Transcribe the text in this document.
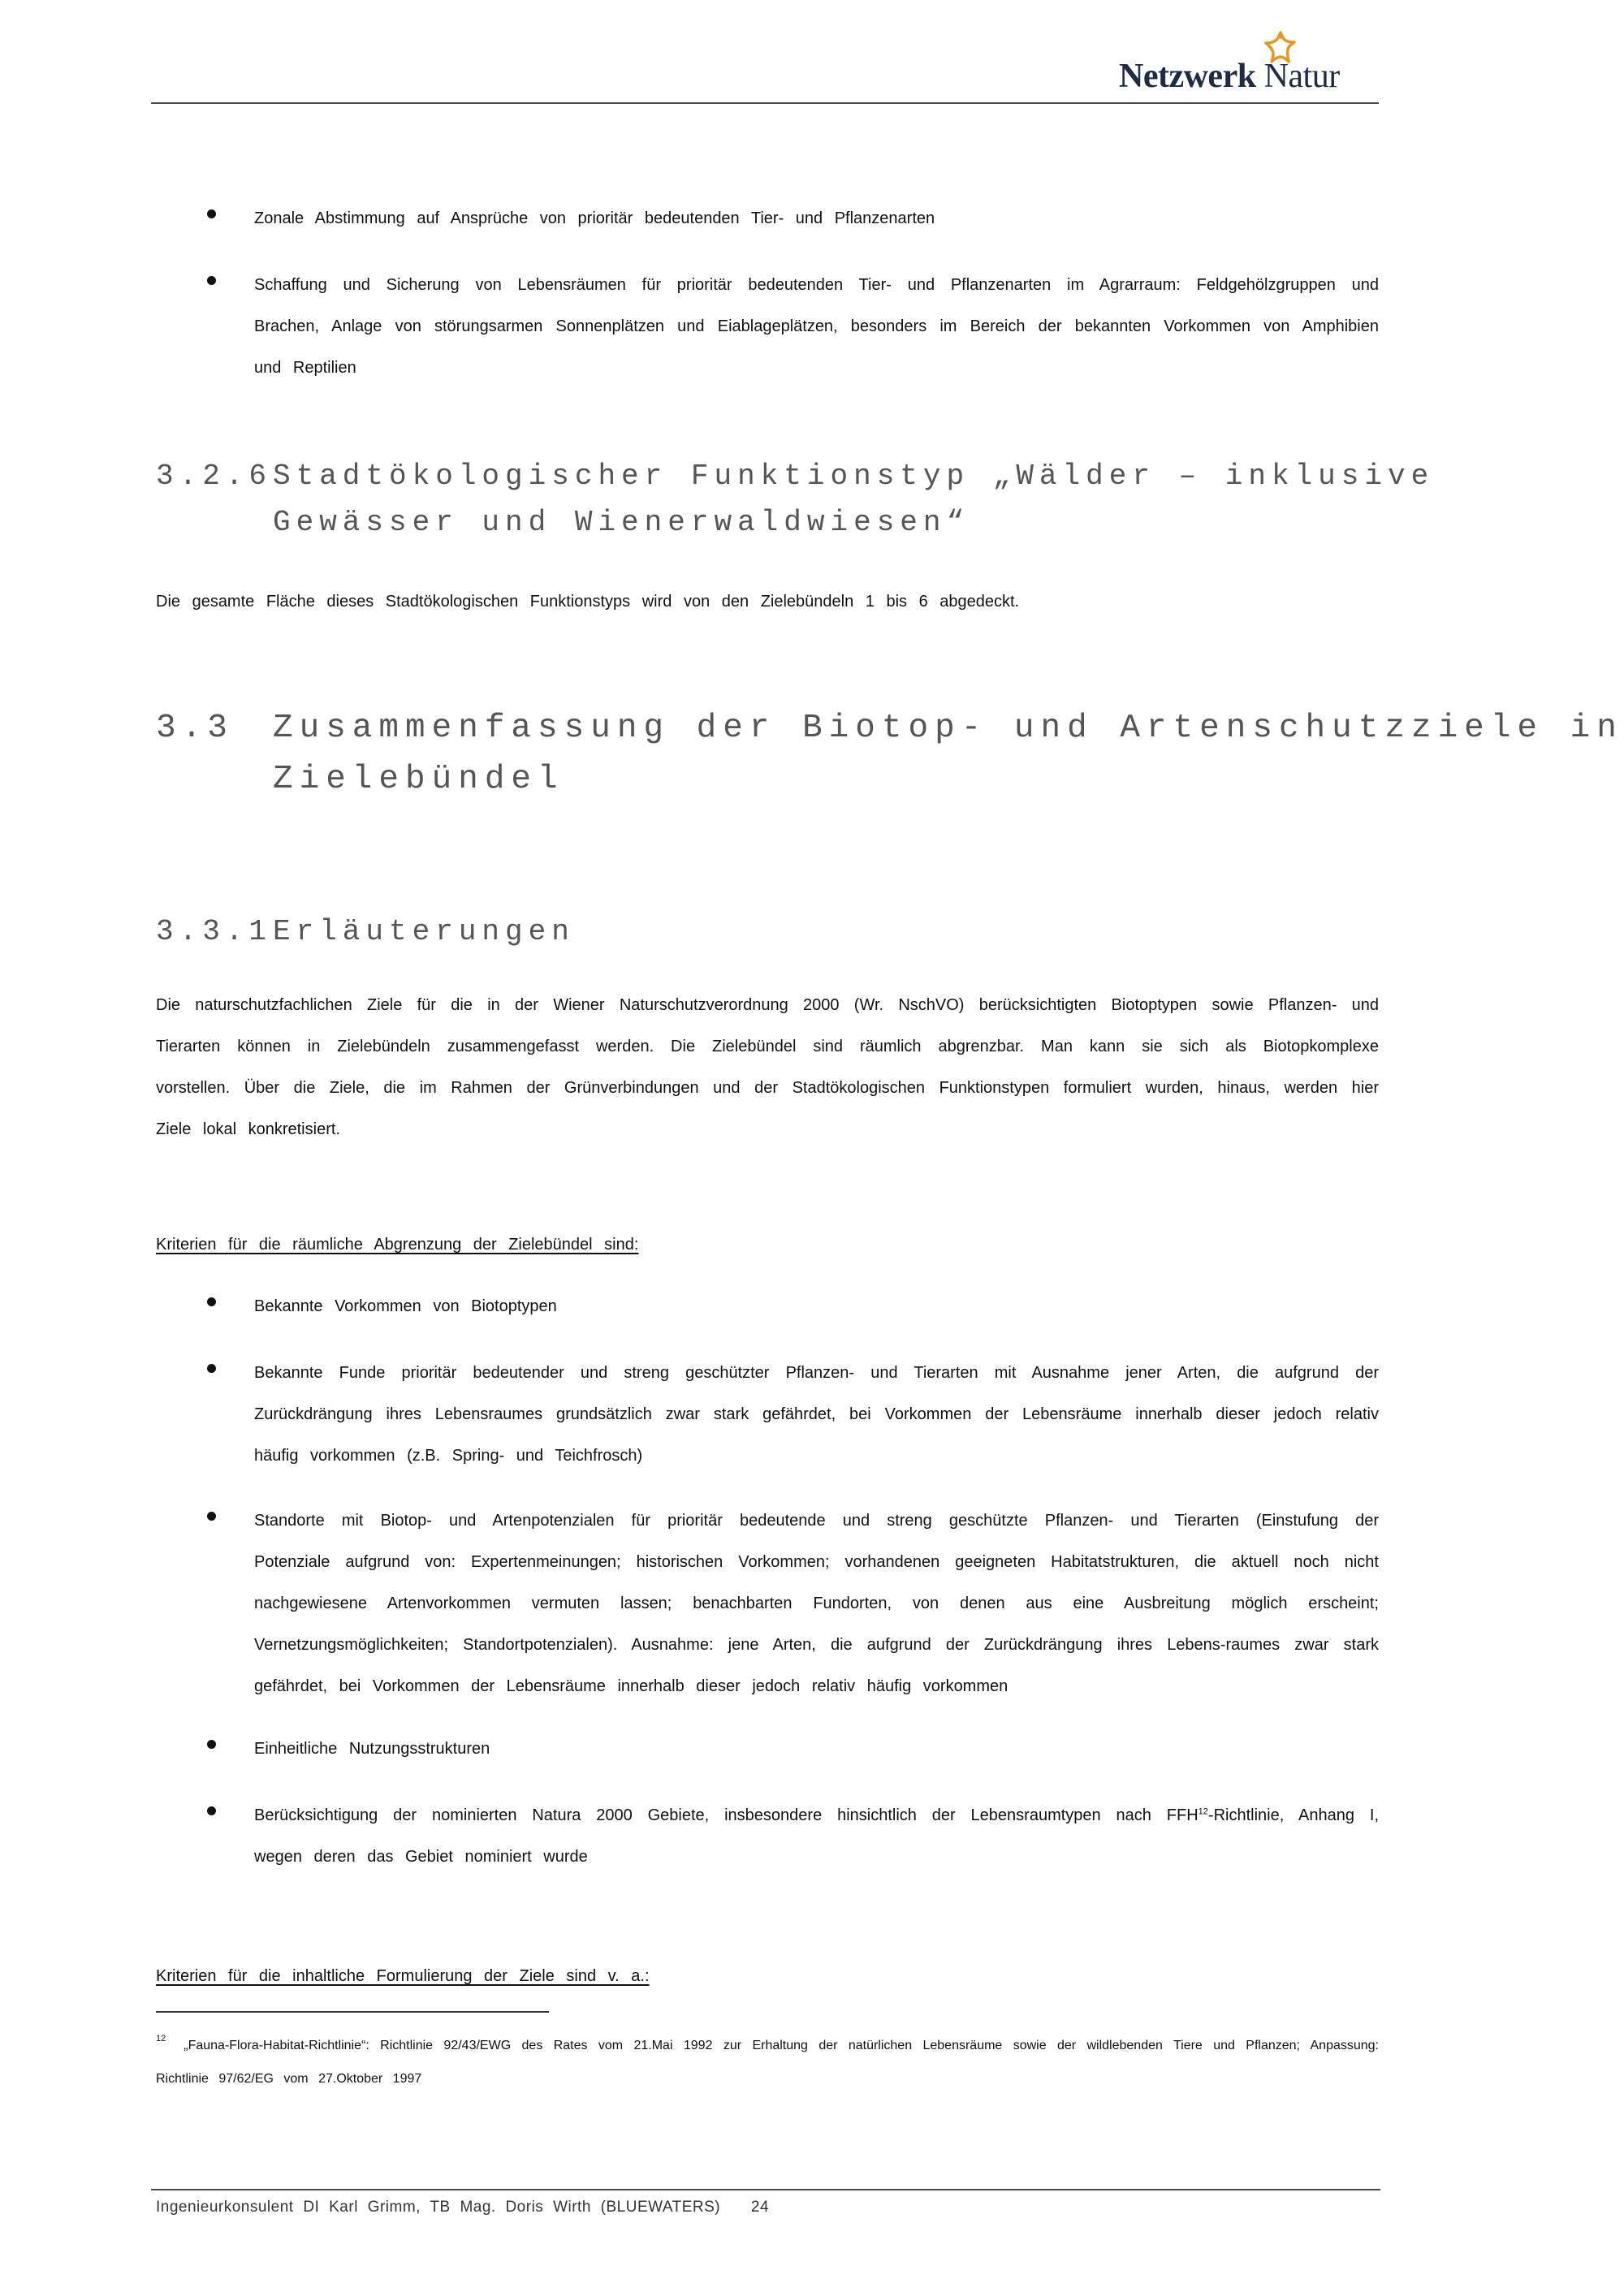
Netzwerk Natur
Zonale Abstimmung auf Ansprüche von prioritär bedeutenden Tier- und Pflanzenarten
Schaffung und Sicherung von Lebensräumen für prioritär bedeutenden Tier- und Pflanzenarten im Agrarraum: Feldgehölzgruppen und Brachen, Anlage von störungsarmen Sonnenplätzen und Eiablageplätzen, besonders im Bereich der bekannten Vorkommen von Amphibien und Reptilien
3.2.6 Stadtökologischer Funktionstyp „Wälder – inklusive
Gewässer und Wienerwaldwiesen“
Die gesamte Fläche dieses Stadtökologischen Funktionstyps wird von den Zielebündeln 1 bis 6 abgedeckt.
3.3 Zusammenfassung der Biotop- und Artenschutzziele in
Zielebündel
3.3.1 Erläuterungen
Die naturschutzfachlichen Ziele für die in der Wiener Naturschutzverordnung 2000 (Wr. NschVO) berücksichtigten Biotoptypen sowie Pflanzen- und Tierarten können in Zielebündeln zusammengefasst werden. Die Zielebündel sind räumlich abgrenzbar. Man kann sie sich als Biotopkomplexe vorstellen. Über die Ziele, die im Rahmen der Grünverbindungen und der Stadtökologischen Funktionstypen formuliert wurden, hinaus, werden hier Ziele lokal konkretisiert.
Kriterien für die räumliche Abgrenzung der Zielebündel sind:
Bekannte Vorkommen von Biotoptypen
Bekannte Funde prioritär bedeutender und streng geschützter Pflanzen- und Tierarten mit Ausnahme jener Arten, die aufgrund der Zurückdrängung ihres Lebensraumes grundsätzlich zwar stark gefährdet, bei Vorkommen der Lebensräume innerhalb dieser jedoch relativ häufig vorkommen (z.B. Spring- und Teichfrosch)
Standorte mit Biotop- und Artenpotenzialen für prioritär bedeutende und streng geschützte Pflanzen- und Tierarten (Einstufung der Potenziale aufgrund von: Expertenmeinungen; historischen Vorkommen; vorhandenen geeigneten Habitatstrukturen, die aktuell noch nicht nachgewiesene Artenvorkommen vermuten lassen; benachbarten Fundorten, von denen aus eine Ausbreitung möglich erscheint; Vernetzungsmöglichkeiten; Standortpotenzialen). Ausnahme: jene Arten, die aufgrund der Zurückdrängung ihres Lebens-raumes zwar stark gefährdet, bei Vorkommen der Lebensräume innerhalb dieser jedoch relativ häufig vorkommen
Einheitliche Nutzungsstrukturen
Berücksichtigung der nominierten Natura 2000 Gebiete, insbesondere hinsichtlich der Lebensraumtypen nach FFH$^{12}$-Richtlinie, Anhang I, wegen deren das Gebiet nominiert wurde
Kriterien für die inhaltliche Formulierung der Ziele sind v. a.:
$^{12}$ „Fauna-Flora-Habitat-Richtlinie“: Richtlinie 92/43/EWG des Rates vom 21.Mai 1992 zur Erhaltung der natürlichen Lebensräume sowie der wildlebenden Tiere und Pflanzen; Anpassung: Richtlinie 97/62/EG vom 27.Oktober 1997
Ingenieurkonsulent DI Karl Grimm, TB Mag. Doris Wirth (BLUEWATERS) 24
